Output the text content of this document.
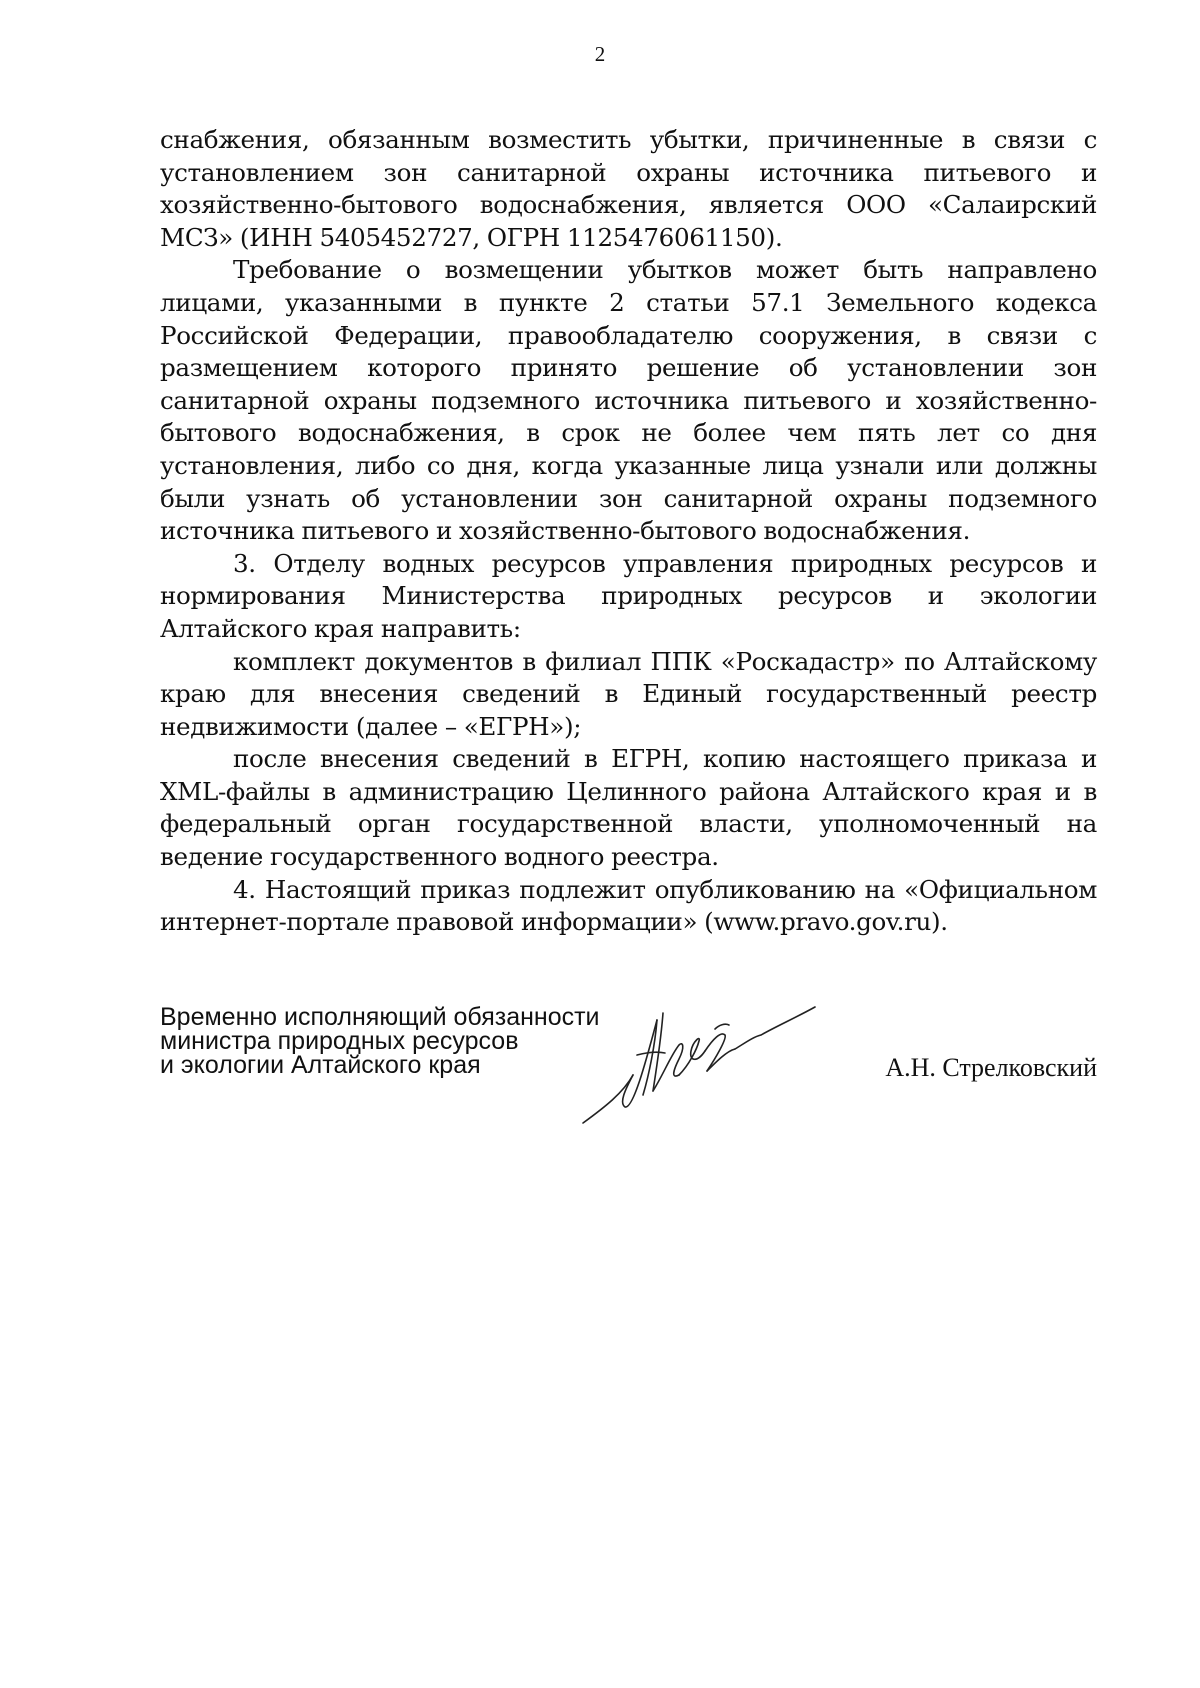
2

снабжения, обязанным возместить убытки, причиненные в связи с установлением зон санитарной охраны источника питьевого и хозяйственно-бытового водоснабжения, является ООО «Салаирский МСЗ» (ИНН 5405452727, ОГРН 1125476061150).

Требование о возмещении убытков может быть направлено лицами, указанными в пункте 2 статьи 57.1 Земельного кодекса Российской Федерации, правообладателю сооружения, в связи с размещением которого принято решение об установлении зон санитарной охраны подземного источника питьевого и хозяйственно-бытового водоснабжения, в срок не более чем пять лет со дня установления, либо со дня, когда указанные лица узнали или должны были узнать об установлении зон санитарной охраны подземного источника питьевого и хозяйственно-бытового водоснабжения.

3. Отделу водных ресурсов управления природных ресурсов и нормирования Министерства природных ресурсов и экологии Алтайского края направить:

комплект документов в филиал ППК «Роскадастр» по Алтайскому краю для внесения сведений в Единый государственный реестр недвижимости (далее – «ЕГРН»);

после внесения сведений в ЕГРН, копию настоящего приказа и XML-файлы в администрацию Целинного района Алтайского края и в федеральный орган государственной власти, уполномоченный на ведение государственного водного реестра.

4. Настоящий приказ подлежит опубликованию на «Официальном интернет-портале правовой информации» (www.pravo.gov.ru).

Временно исполняющий обязанности
министра природных ресурсов
и экологии Алтайского края	А.Н. Стрелковский
